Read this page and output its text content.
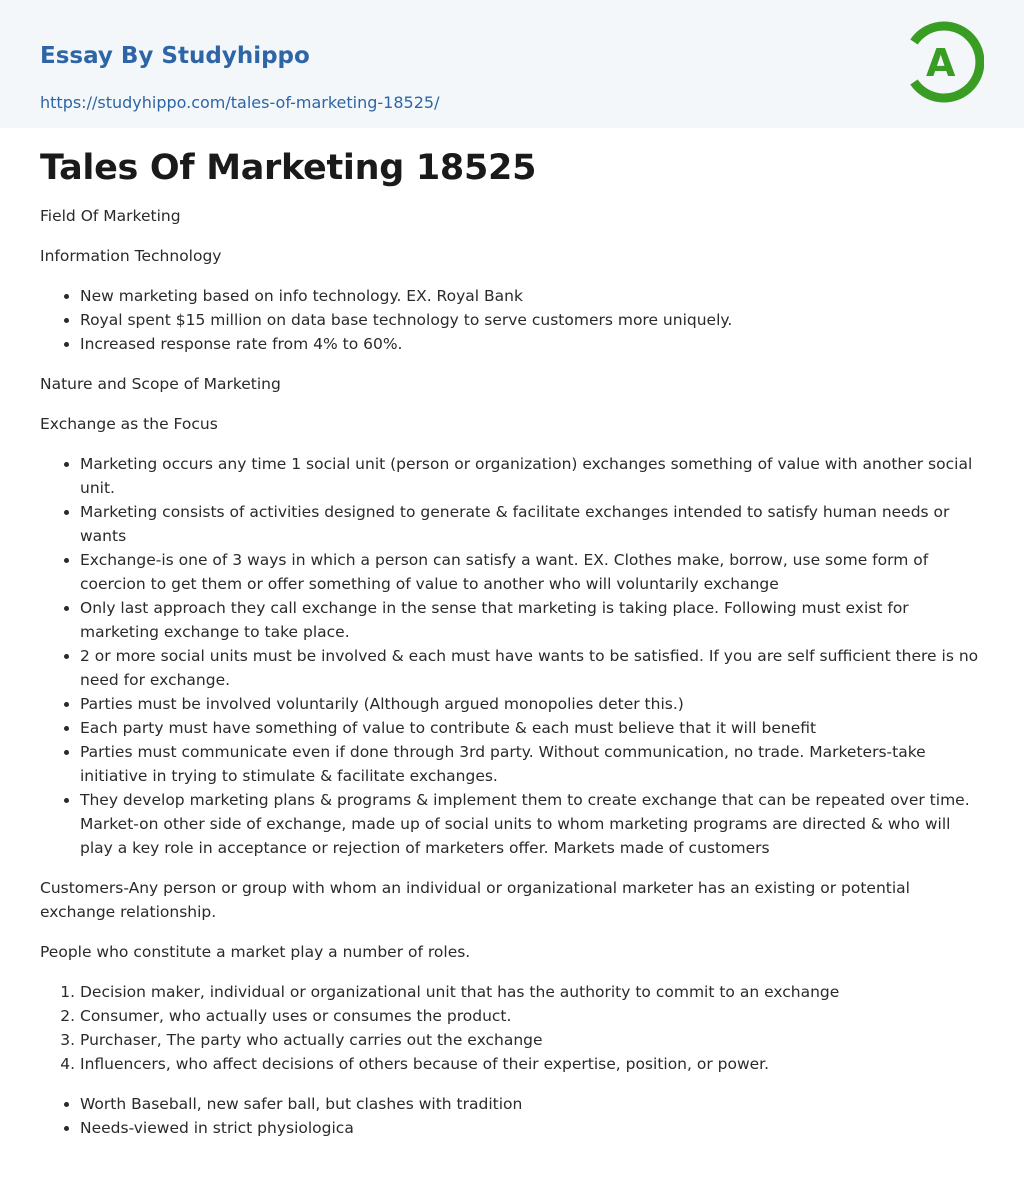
Essay By Studyhippo
https://studyhippo.com/tales-of-marketing-18525/
A
Tales Of Marketing 18525

Field Of Marketing

Information Technology

• New marketing based on info technology. EX. Royal Bank
• Royal spent $15 million on data base technology to serve customers more uniquely.
• Increased response rate from 4% to 60%.

Nature and Scope of Marketing

Exchange as the Focus

• Marketing occurs any time 1 social unit (person or organization) exchanges something of value with another social unit.
• Marketing consists of activities designed to generate & facilitate exchanges intended to satisfy human needs or wants
• Exchange-is one of 3 ways in which a person can satisfy a want. EX. Clothes make, borrow, use some form of coercion to get them or offer something of value to another who will voluntarily exchange
• Only last approach they call exchange in the sense that marketing is taking place. Following must exist for marketing exchange to take place.
• 2 or more social units must be involved & each must have wants to be satisfied. If you are self sufficient there is no need for exchange.
• Parties must be involved voluntarily (Although argued monopolies deter this.)
• Each party must have something of value to contribute & each must believe that it will benefit
• Parties must communicate even if done through 3rd party. Without communication, no trade. Marketers-take initiative in trying to stimulate & facilitate exchanges.
• They develop marketing plans & programs & implement them to create exchange that can be repeated over time. Market-on other side of exchange, made up of social units to whom marketing programs are directed & who will play a key role in acceptance or rejection of marketers offer. Markets made of customers

Customers-Any person or group with whom an individual or organizational marketer has an existing or potential exchange relationship.

People who constitute a market play a number of roles.

1. Decision maker, individual or organizational unit that has the authority to commit to an exchange
2. Consumer, who actually uses or consumes the product.
3. Purchaser, The party who actually carries out the exchange
4. Influencers, who affect decisions of others because of their expertise, position, or power.
• Worth Baseball, new safer ball, but clashes with tradition
• Needs-viewed in strict physiologica
